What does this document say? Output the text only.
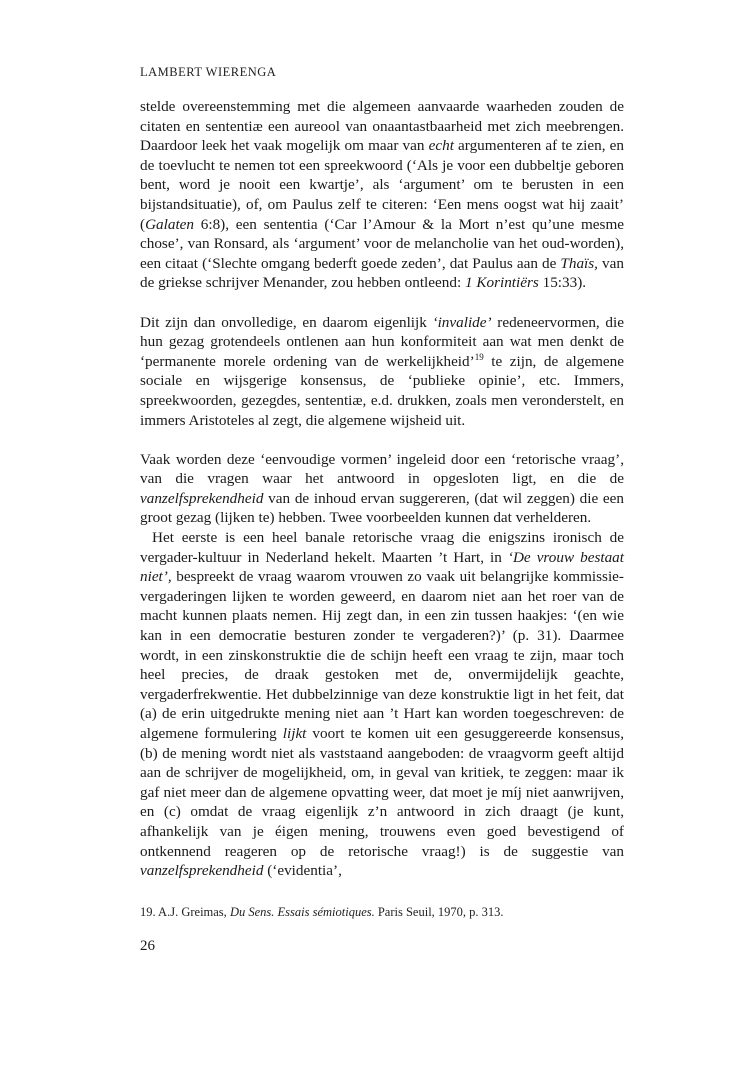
LAMBERT WIERENGA

stelde overeenstemming met die algemeen aanvaarde waarheden zouden de citaten en sententiæ een aureool van onaantastbaarheid met zich meebrengen. Daardoor leek het vaak mogelijk om maar van echt argumenteren af te zien, en de toevlucht te nemen tot een spreekwoord (‘Als je voor een dubbeltje geboren bent, word je nooit een kwartje’, als ‘argument’ om te berusten in een bijstandsituatie), of, om Paulus zelf te citeren: ‘Een mens oogst wat hij zaait’ (Galaten 6:8), een sententia (‘Car l’Amour & la Mort n’est qu’une mesme chose’, van Ronsard, als ‘argument’ voor de melancholie van het oud-worden), een citaat (‘Slechte omgang bederft goede zeden’, dat Paulus aan de Thaïs, van de griekse schrijver Menander, zou hebben ontleend: 1 Korintiërs 15:33).

Dit zijn dan onvolledige, en daarom eigenlijk ‘invalide’ redeneervormen, die hun gezag grotendeels ontlenen aan hun konformiteit aan wat men denkt de ‘permanente morele ordening van de werkelijkheid’$^{19}$ te zijn, de algemene sociale en wijsgerige konsensus, de ‘publieke opinie’, etc. Immers, spreekwoorden, gezegdes, sententiæ, e.d. drukken, zoals men veronderstelt, en immers Aristoteles al zegt, die algemene wijsheid uit.

Vaak worden deze ‘eenvoudige vormen’ ingeleid door een ‘retorische vraag’, van die vragen waar het antwoord in opgesloten ligt, en die de vanzelfsprekendheid van de inhoud ervan suggereren, (dat wil zeggen) die een groot gezag (lijken te) hebben. Twee voorbeelden kunnen dat verhelderen.

Het eerste is een heel banale retorische vraag die enigszins ironisch de vergader-kultuur in Nederland hekelt. Maarten ’t Hart, in ‘De vrouw bestaat niet’, bespreekt de vraag waarom vrouwen zo vaak uit belangrijke kommissie-vergaderingen lijken te worden geweerd, en daarom niet aan het roer van de macht kunnen plaats nemen. Hij zegt dan, in een zin tussen haakjes: ‘(en wie kan in een democratie besturen zonder te vergaderen?)’ (p. 31). Daarmee wordt, in een zinskonstruktie die de schijn heeft een vraag te zijn, maar toch heel precies, de draak gestoken met de, onvermijdelijk geachte, vergaderfrekwentie. Het dubbelzinnige van deze konstruktie ligt in het feit, dat (a) de erin uitgedrukte mening niet aan ’t Hart kan worden toegeschreven: de algemene formulering lijkt voort te komen uit een gesuggereerde konsensus, (b) de mening wordt niet als vaststaand aangeboden: de vraagvorm geeft altijd aan de schrijver de mogelijkheid, om, in geval van kritiek, te zeggen: maar ik gaf niet meer dan de algemene opvatting weer, dat moet je míj niet aanwrijven, en (c) omdat de vraag eigenlijk z’n antwoord in zich draagt (je kunt, afhankelijk van je éigen mening, trouwens even goed bevestigend of ontkennend reageren op de retorische vraag!) is de suggestie van vanzelfsprekendheid (‘evidentia’,

19. A.J. Greimas, Du Sens. Essais sémiotiques. Paris Seuil, 1970, p. 313.
26
